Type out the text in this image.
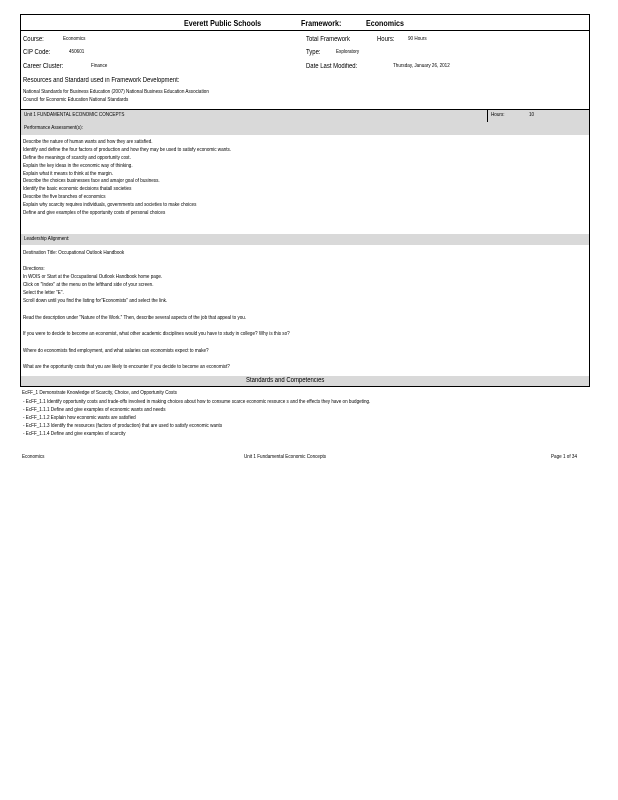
Everett Public Schools	Framework:	Economics
Course:	Economics
CIP Code:	450601
Career Cluster:	Finance
Total Framework	Hours: 90 Hours
Type:	Exploratory
Date Last Modified:	Thursday, January 26, 2012
Resources and Standard used in Framework Development:
National Standards for Business Education (2007) National Business Education Association
Council for Economic Education National Standards
Unit 1 FUNDAMENTAL ECONOMIC CONCEPTS	Hours:	10
Performance Assessment(s):
Describe the nature of human wants and how they are satisfied.
Identify and define the four factors of production and how they may be used to satisfy economic wants.
Define the meanings of scarcity and opportunity cost.
Explain the key ideas in the economic way of thinking.
Explain what it means to think at the margin.
Describe the choices businesses face and amajor goal of business.
Identify the basic economic decisions thatall societies
Describe the five branches of economics
Explain why scarcity requires individuals, governments and societies to make choices
Define and give examples of the opportunity costs of personal choices
Leadership Alignment:
Destination Title: Occupational Outlook Handbook
Directions:
In WOIS or Start at the Occupational Outlook Handbook home page.
Click on "Index" at the menu on the lefthand side of your screen.
Select the letter "E".
Scroll down until you find the listing for"Economists" and select the link.
Read the description under "Nature of the Work." Then, describe several aspects of the job that appeal to you.
If you were to decide to become an economist, what other academic disciplines would you have to study in college? Why is this so?
Where do economists find employment, and what salaries can economists expect to make?
What are the opportunity costs that you are likely to encounter if you decide to become an economist?
Standards and Competencies
EcFF_1 Demonstrate Knowledge of Scarcity, Choice, and Opportunity Costs
- EcFF_1.1 Identify opportunity costs and trade-offs involved in making choices about how to consume scarce economic resource s and the effects they have on budgeting.
- EcFF_1.1.1 Define and give examples of economic wants and needs
- EcFF_1.1.2 Explain how economic wants are satisfied
- EcFF_1.1.3 Identify the resources (factors of production) that are used to satisfy economic wants
- EcFF_1.1.4 Define and give examples of scarcity
Economics	Unit 1 Fundamental Economic Concepts	Page 1 of 34
